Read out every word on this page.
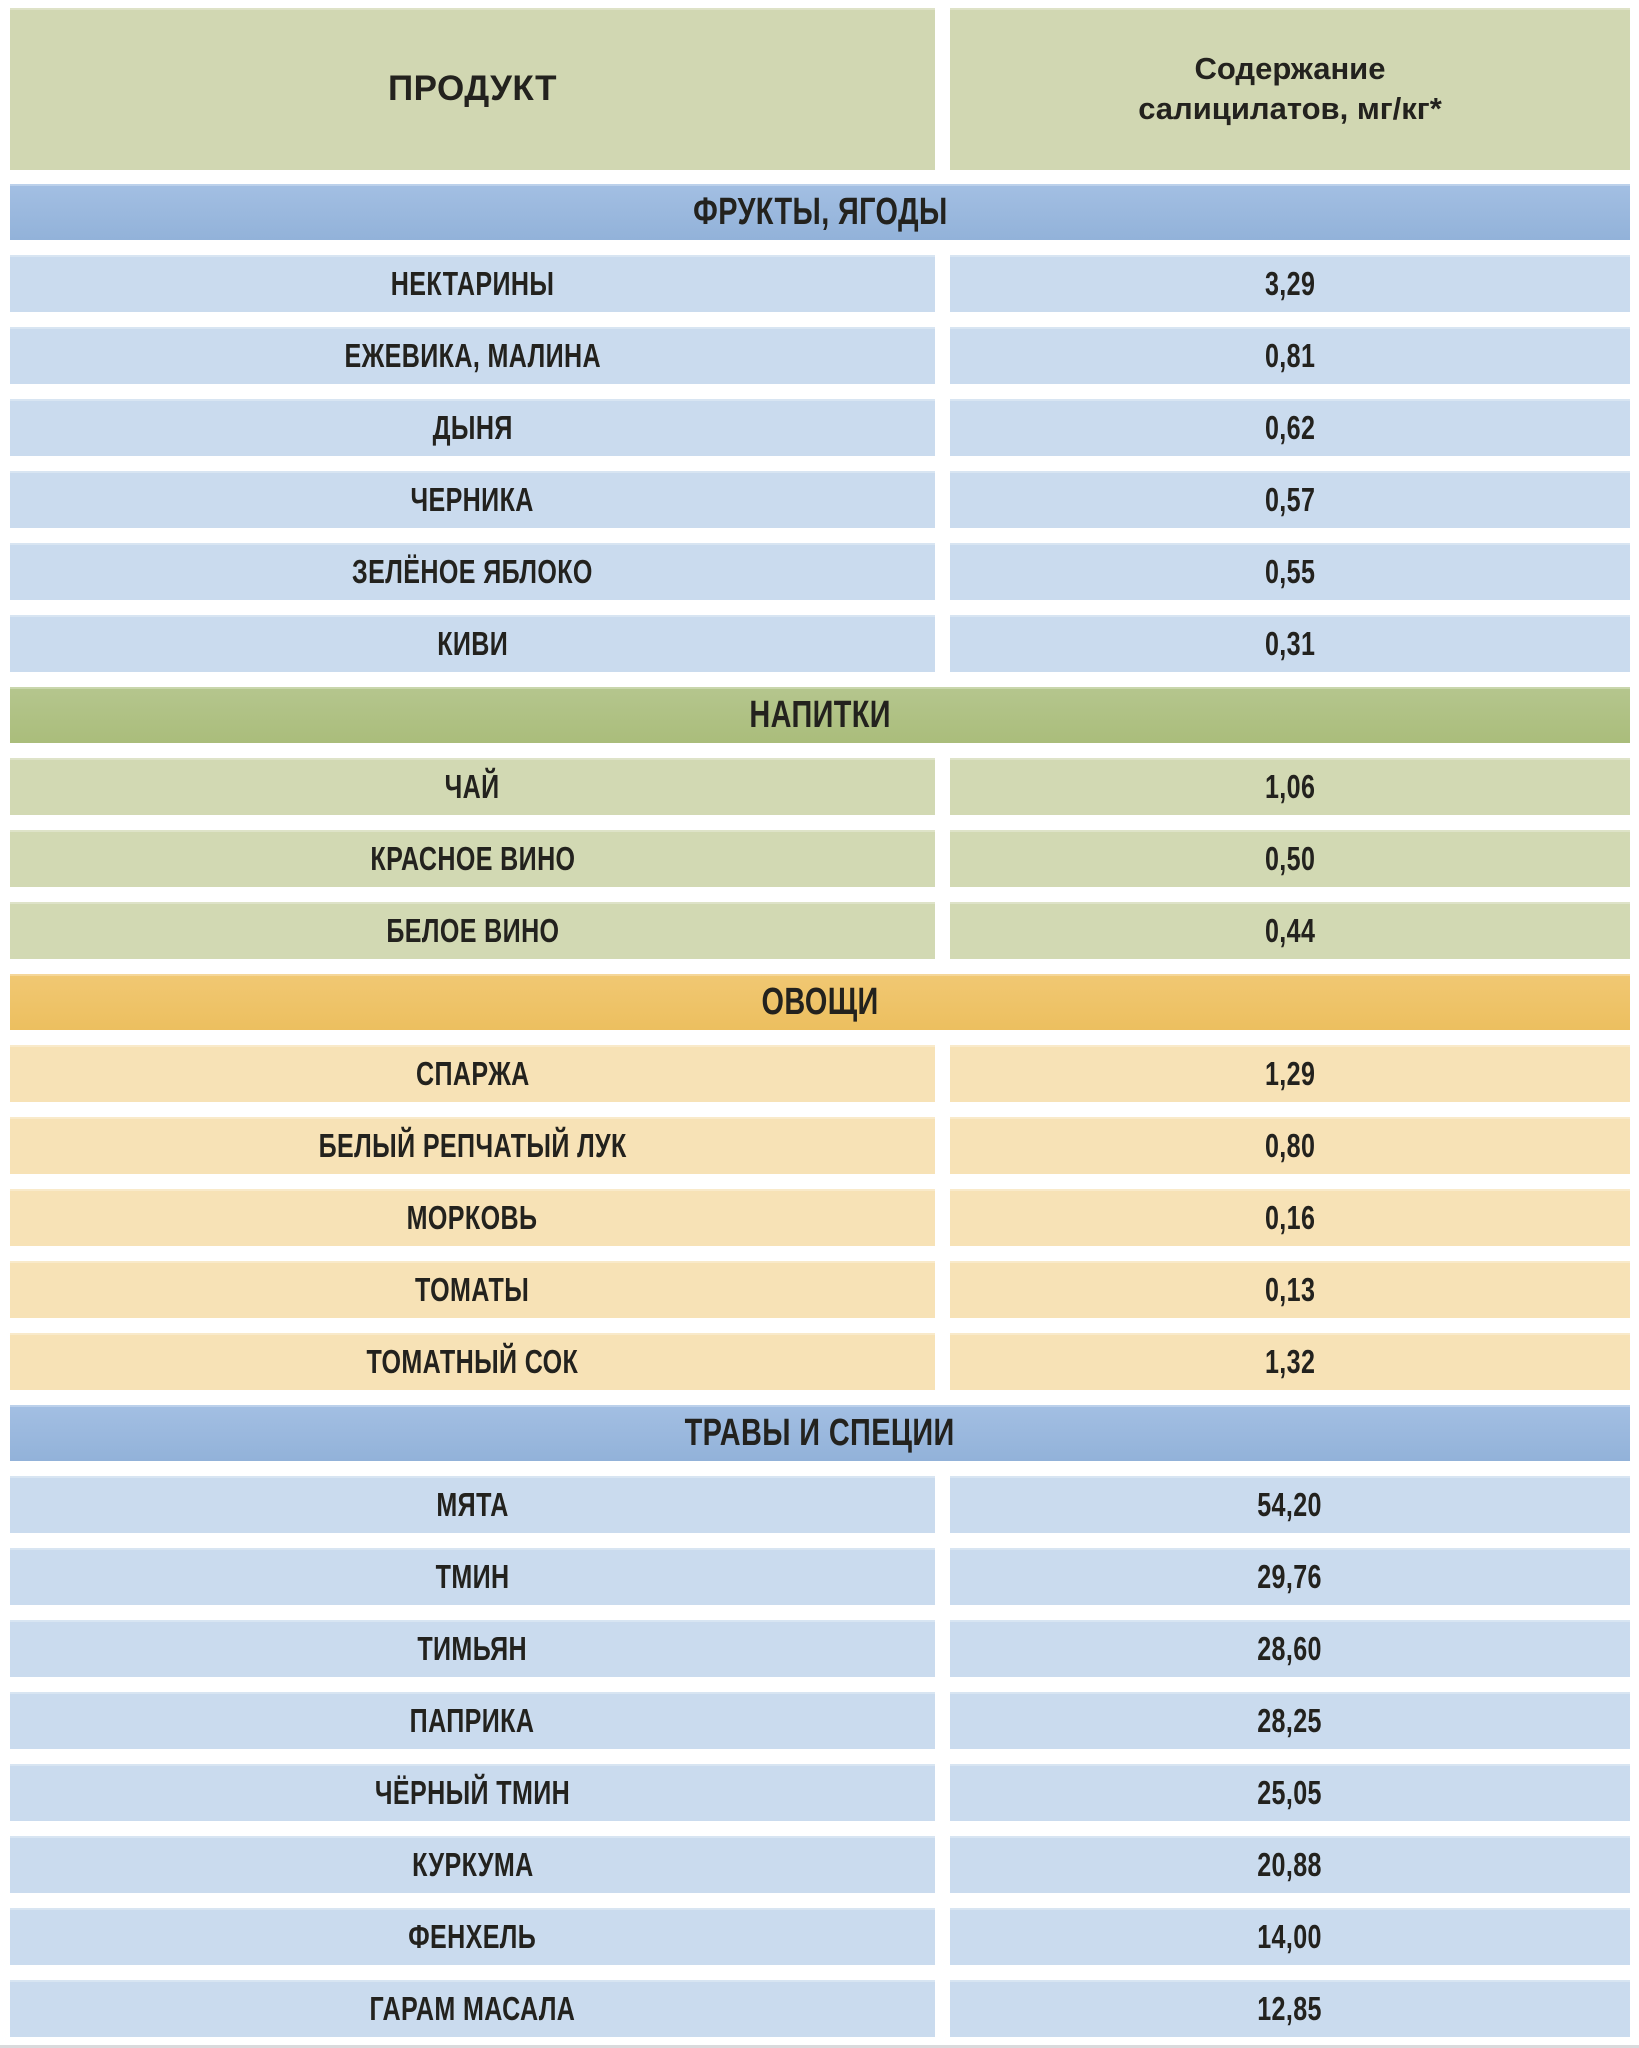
ПРОДУКТ
Содержание салицилатов, мг/кг*
ФРУКТЫ, ЯГОДЫ
НЕКТАРИНЫ	3,29
ЕЖЕВИКА, МАЛИНА	0,81
ДЫНЯ	0,62
ЧЕРНИКА	0,57
ЗЕЛЁНОЕ ЯБЛОКО	0,55
КИВИ	0,31
НАПИТКИ
ЧАЙ	1,06
КРАСНОЕ ВИНО	0,50
БЕЛОЕ ВИНО	0,44
ОВОЩИ
СПАРЖА	1,29
БЕЛЫЙ РЕПЧАТЫЙ ЛУК	0,80
МОРКОВЬ	0,16
ТОМАТЫ	0,13
ТОМАТНЫЙ СОК	1,32
ТРАВЫ И СПЕЦИИ
МЯТА	54,20
ТМИН	29,76
ТИМЬЯН	28,60
ПАПРИКА	28,25
ЧЁРНЫЙ ТМИН	25,05
КУРКУМА	20,88
ФЕНХЕЛЬ	14,00
ГАРАМ МАСАЛА	12,85
